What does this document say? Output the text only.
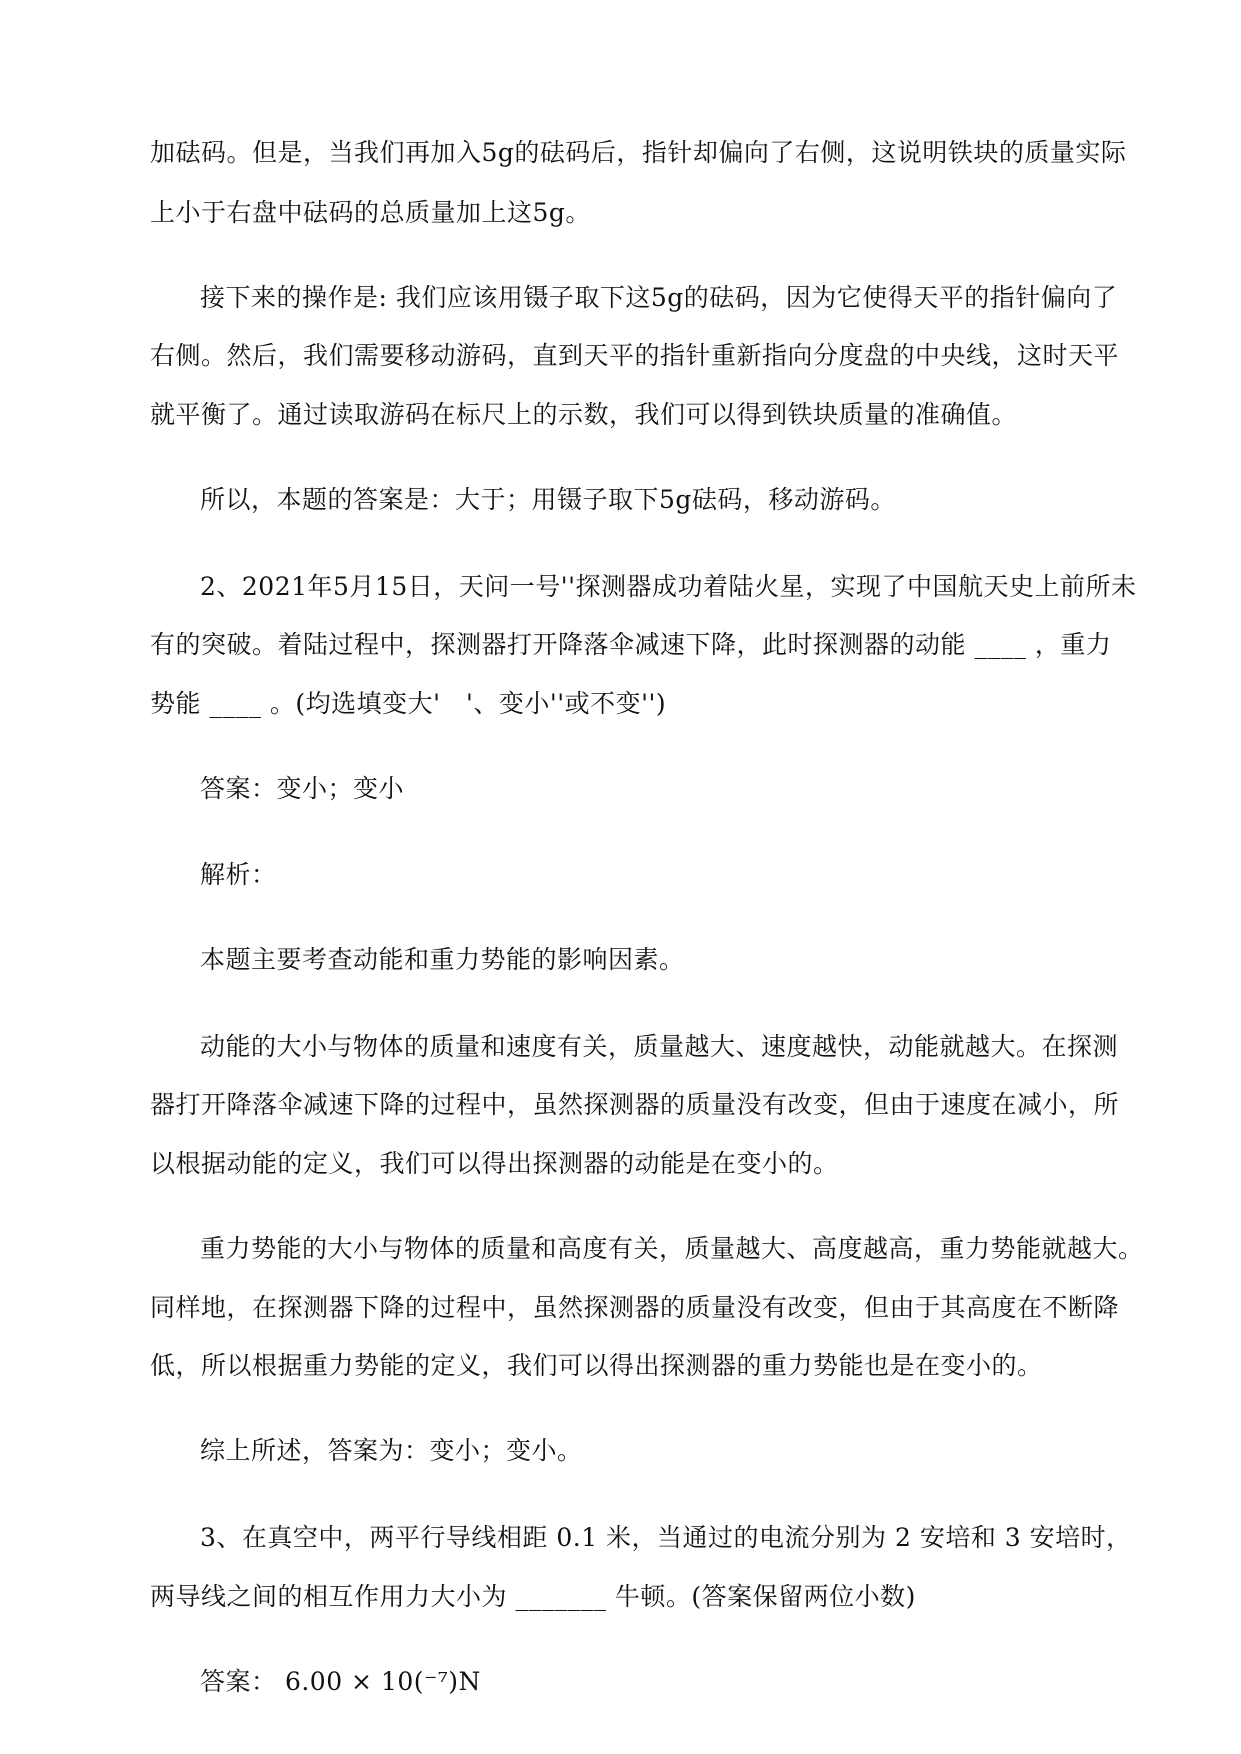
加砝码。但是，当我们再加入5g的砝码后，指针却偏向了右侧，这说明铁块的质量实际
上小于右盘中砝码的总质量加上这5g。
接下来的操作是: 我们应该用镊子取下这5g的砝码，因为它使得天平的指针偏向了
右侧。然后，我们需要移动游码，直到天平的指针重新指向分度盘的中央线，这时天平
就平衡了。通过读取游码在标尺上的示数，我们可以得到铁块质量的准确值。
所以，本题的答案是：大于；用镊子取下5g砝码，移动游码。
2、2021年5月15日，天问一号''探测器成功着陆火星，实现了中国航天史上前所未
有的突破。着陆过程中，探测器打开降落伞减速下降，此时探测器的动能 ____ ，重力
势能 ____ 。(均选填变大'　'、变小''或不变'')
答案：变小；变小
解析：
本题主要考查动能和重力势能的影响因素。
动能的大小与物体的质量和速度有关，质量越大、速度越快，动能就越大。在探测
器打开降落伞减速下降的过程中，虽然探测器的质量没有改变，但由于速度在减小，所
以根据动能的定义，我们可以得出探测器的动能是在变小的。
重力势能的大小与物体的质量和高度有关，质量越大、高度越高，重力势能就越大。
同样地，在探测器下降的过程中，虽然探测器的质量没有改变，但由于其高度在不断降
低，所以根据重力势能的定义，我们可以得出探测器的重力势能也是在变小的。
综上所述，答案为：变小；变小。
3、在真空中，两平行导线相距 0.1 米，当通过的电流分别为 2 安培和 3 安培时，
两导线之间的相互作用力大小为 _______ 牛顿。(答案保留两位小数)
答案： 6.00 × 10(⁻⁷)N
